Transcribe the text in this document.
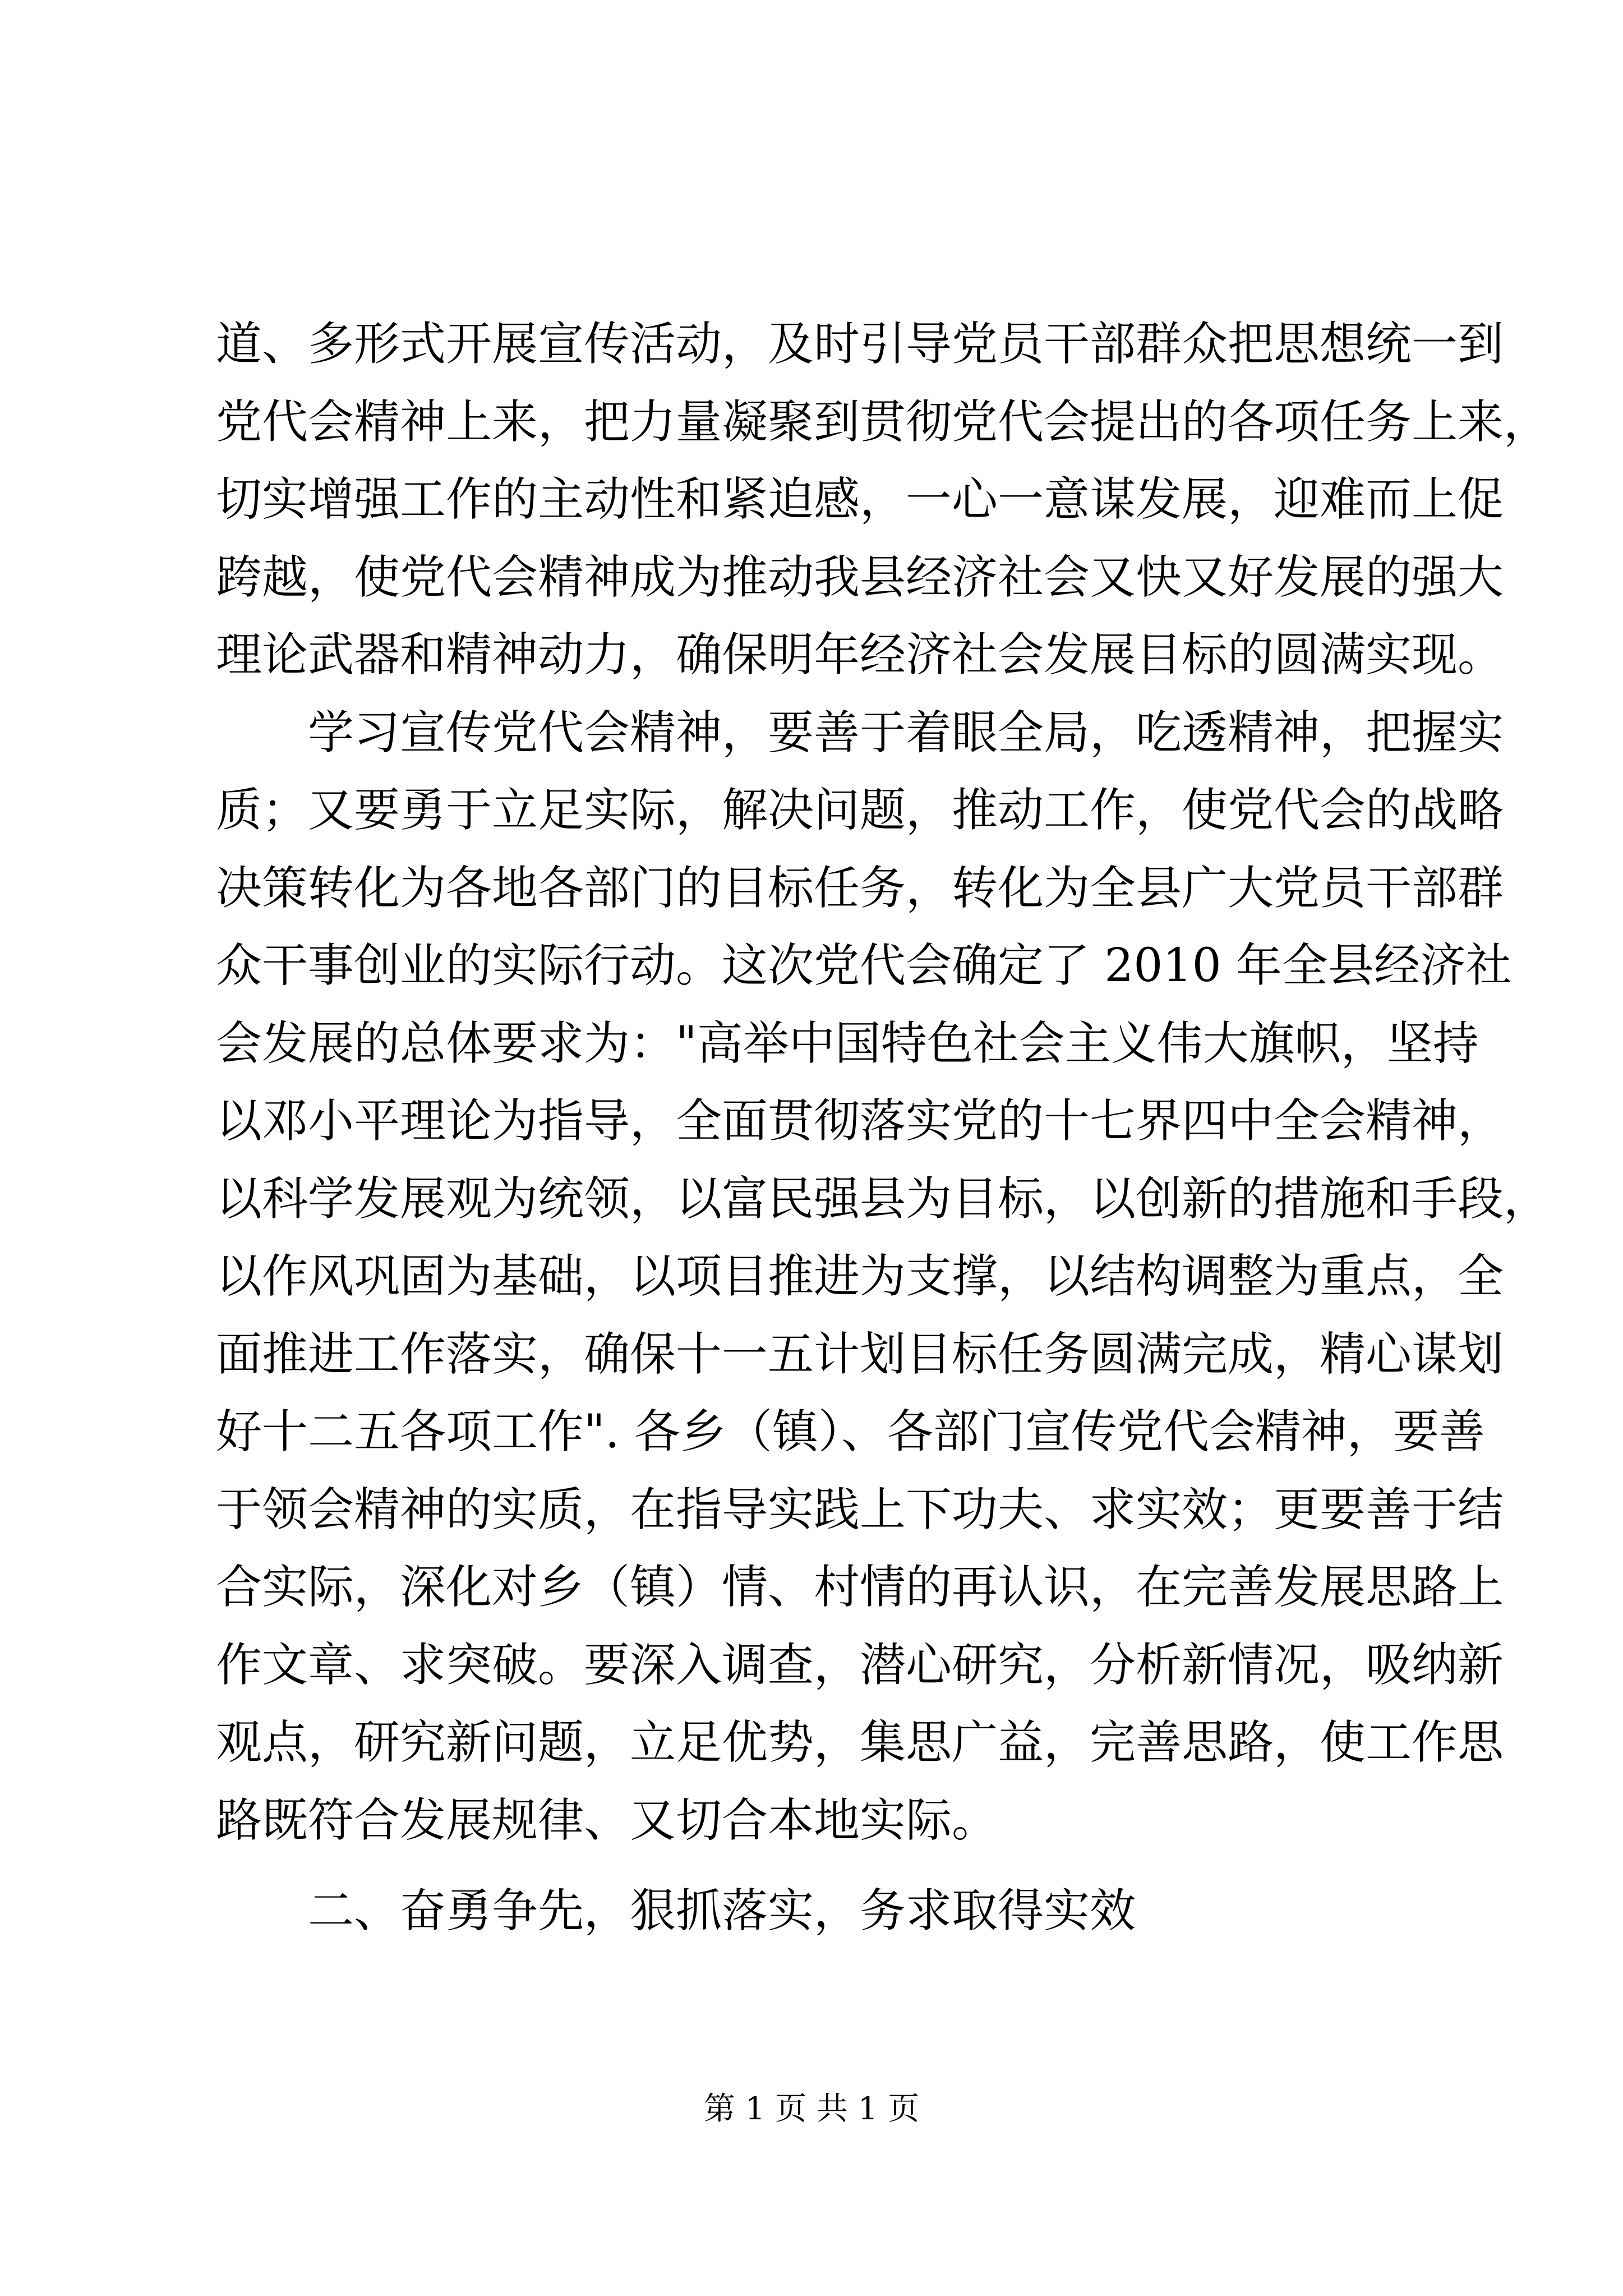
道、多形式开展宣传活动，及时引导党员干部群众把思想统一到
党代会精神上来，把力量凝聚到贯彻党代会提出的各项任务上来，
切实增强工作的主动性和紧迫感，一心一意谋发展，迎难而上促
跨越，使党代会精神成为推动我县经济社会又快又好发展的强大
理论武器和精神动力，确保明年经济社会发展目标的圆满实现。
学习宣传党代会精神，要善于着眼全局，吃透精神，把握实
质；又要勇于立足实际，解决问题，推动工作，使党代会的战略
决策转化为各地各部门的目标任务，转化为全县广大党员干部群
众干事创业的实际行动。这次党代会确定了 2010 年全县经济社
会发展的总体要求为："高举中国特色社会主义伟大旗帜，坚持
以邓小平理论为指导，全面贯彻落实党的十七界四中全会精神，
以科学发展观为统领，以富民强县为目标，以创新的措施和手段，
以作风巩固为基础，以项目推进为支撑，以结构调整为重点，全
面推进工作落实，确保十一五计划目标任务圆满完成，精心谋划
好十二五各项工作". 各乡（镇）、各部门宣传党代会精神，要善
于领会精神的实质，在指导实践上下功夫、求实效；更要善于结
合实际，深化对乡（镇）情、村情的再认识，在完善发展思路上
作文章、求突破。要深入调查，潜心研究，分析新情况，吸纳新
观点，研究新问题，立足优势，集思广益，完善思路，使工作思
路既符合发展规律、又切合本地实际。
二、奋勇争先，狠抓落实，务求取得实效
第 1 页 共 1 页
